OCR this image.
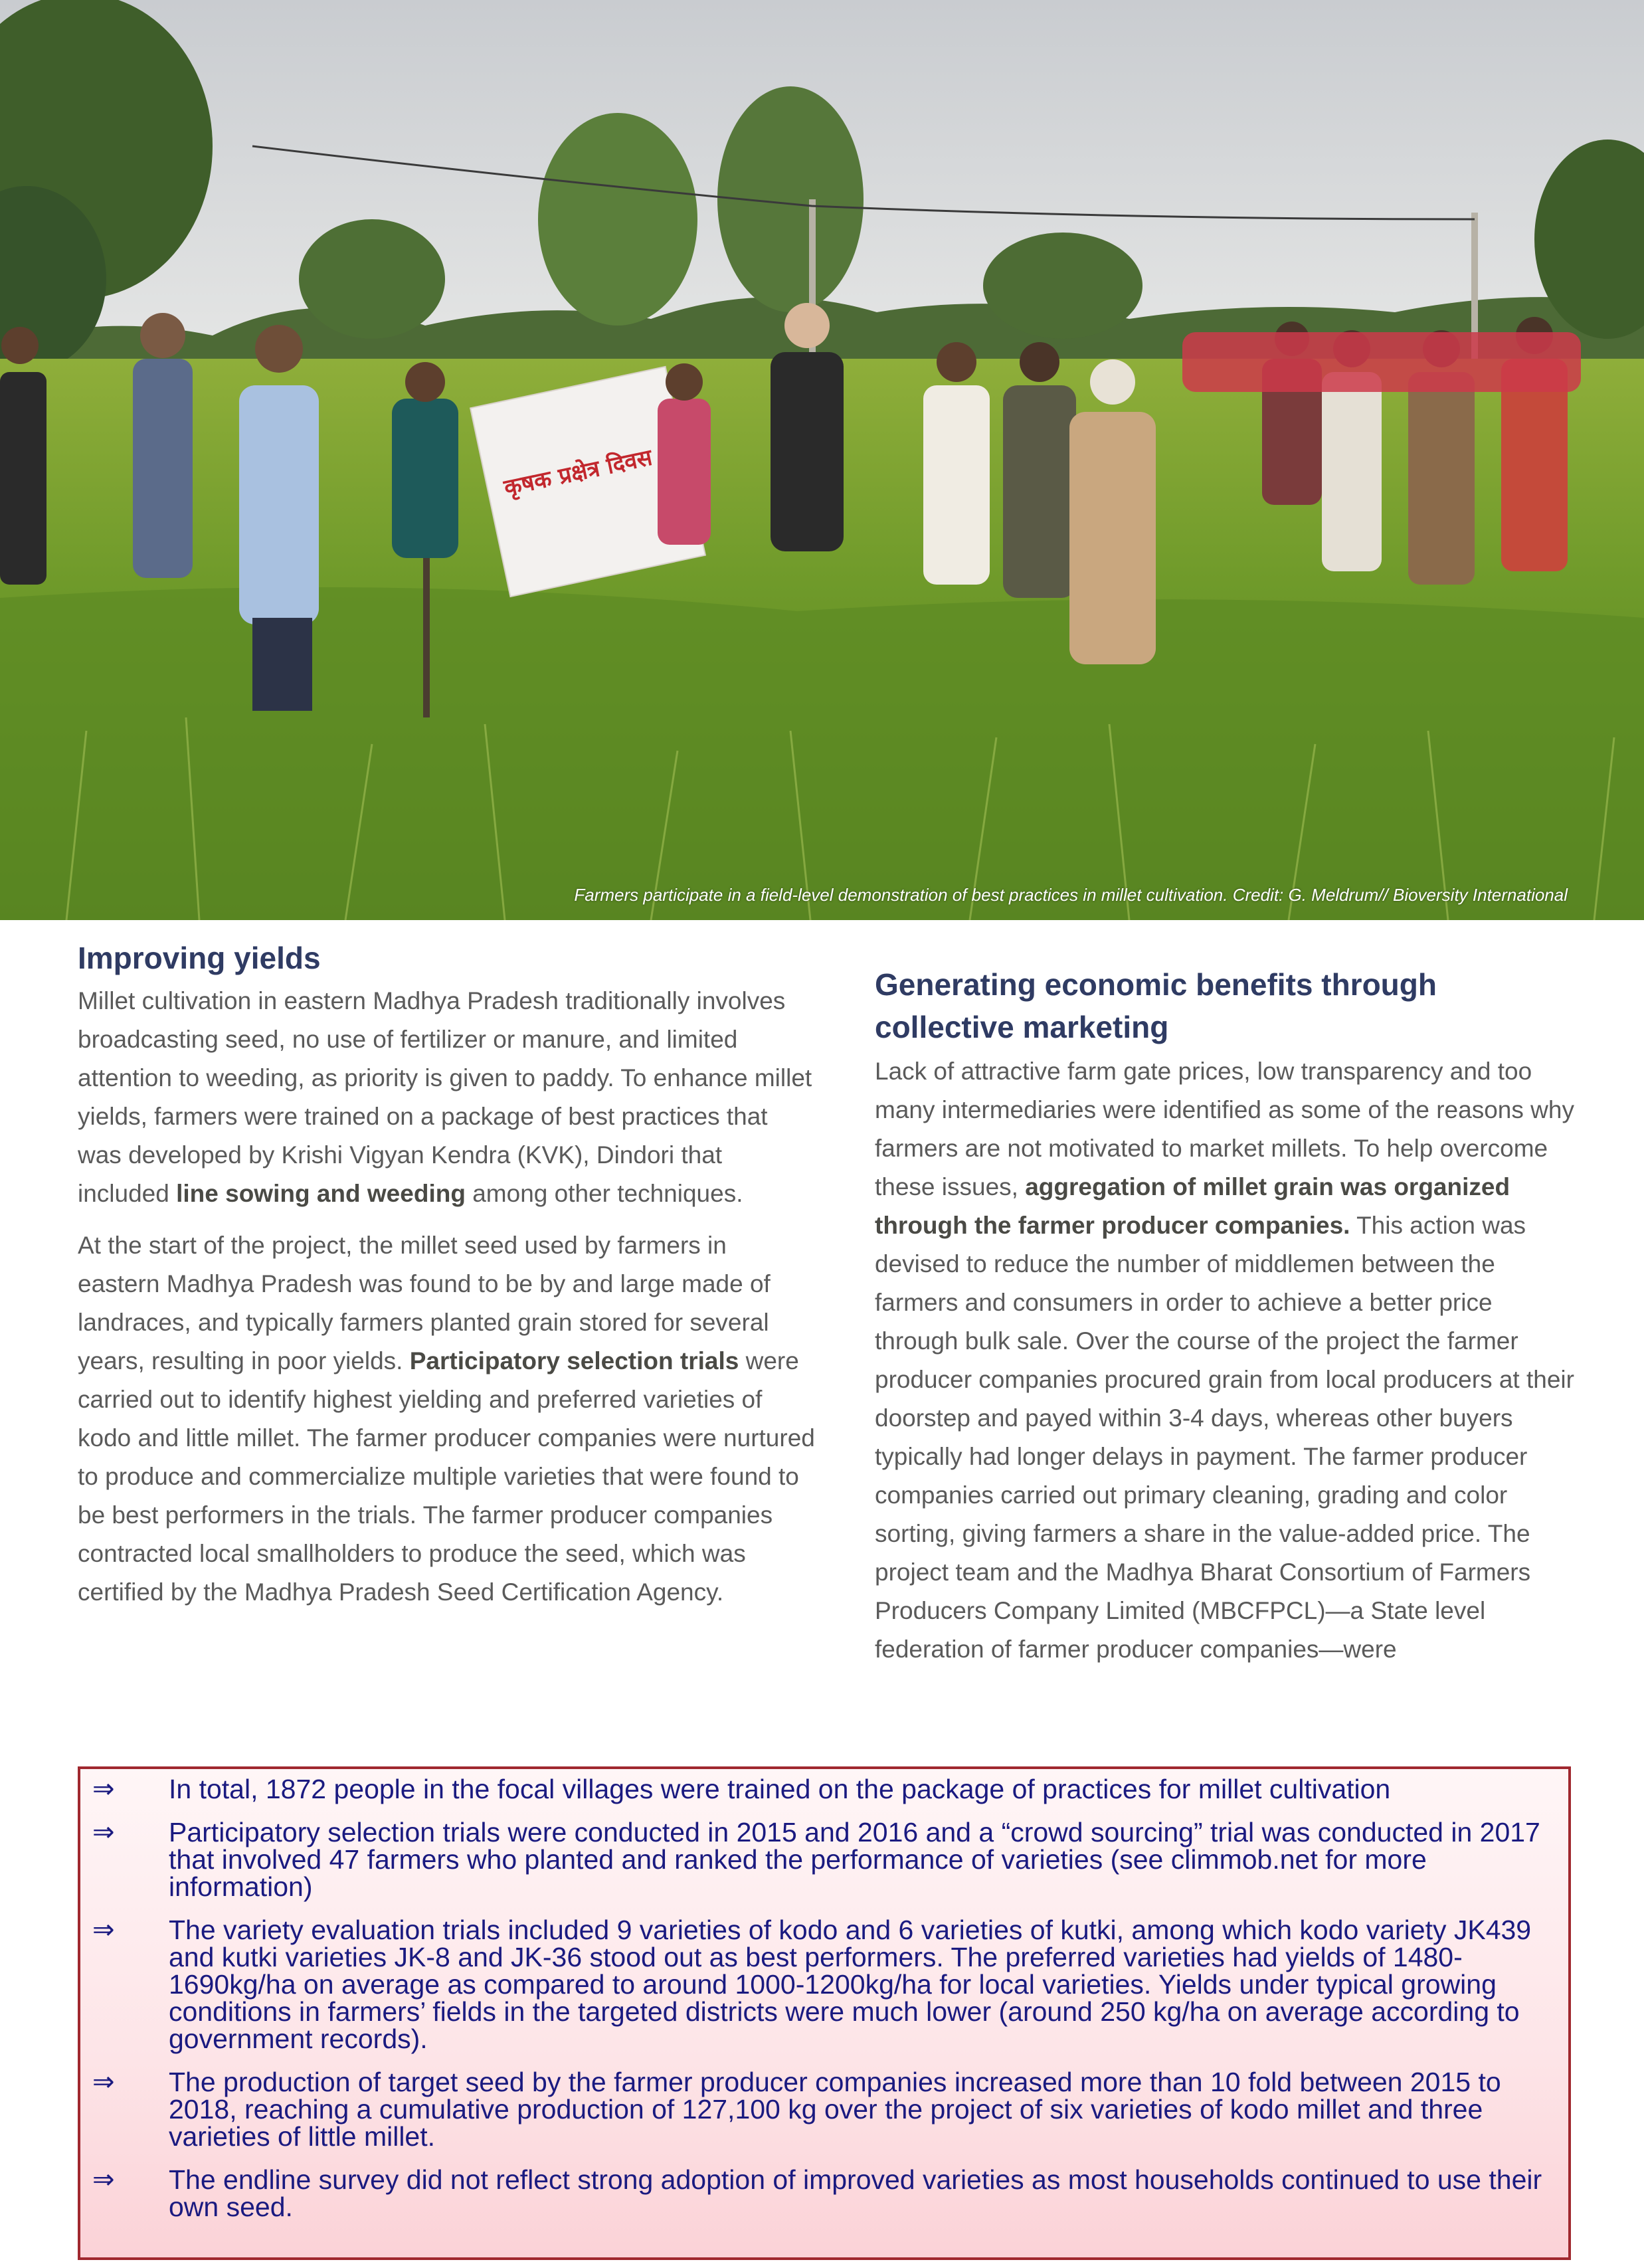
कृषक प्रक्षेत्र दिवस
Farmers participate in a field-level demonstration of best practices in millet cultivation. Credit: G. Meldrum// Bioversity International
Improving yields

Millet cultivation in eastern Madhya Pradesh traditionally involves broadcasting seed, no use of fertilizer or manure, and limited attention to weeding, as priority is given to paddy. To enhance millet yields, farmers were trained on a package of best practices that was developed by Krishi Vigyan Kendra (KVK), Dindori that included line sowing and weeding among other techniques.

At the start of the project, the millet seed used by farmers in eastern Madhya Pradesh was found to be by and large made of landraces, and typically farmers planted grain stored for several years, resulting in poor yields. Participatory selection trials were carried out to identify highest yielding and preferred varieties of kodo and little millet. The farmer producer companies were nurtured to produce and commercialize multiple varieties that were found to be best performers in the trials. The farmer producer companies contracted local smallholders to produce the seed, which was certified by the Madhya Pradesh Seed Certification Agency.

Generating economic benefits through collective marketing

Lack of attractive farm gate prices, low transparency and too many intermediaries were identified as some of the reasons why farmers are not motivated to market millets. To help overcome these issues, aggregation of millet grain was organized through the farmer producer companies. This action was devised to reduce the number of middlemen between the farmers and consumers in order to achieve a better price through bulk sale. Over the course of the project the farmer producer companies procured grain from local producers at their doorstep and payed within 3-4 days, whereas other buyers typically had longer delays in payment. The farmer producer companies carried out primary cleaning, grading and color sorting, giving farmers a share in the value-added price. The project team and the Madhya Bharat Consortium of Farmers Producers Company Limited (MBCFPCL)—a State level federation of farmer producer companies—were

⇒ In total, 1872 people in the focal villages were trained on the package of practices for millet cultivation
⇒ Participatory selection trials were conducted in 2015 and 2016 and a “crowd sourcing” trial was conducted in 2017 that involved 47 farmers who planted and ranked the performance of varieties (see climmob.net for more information)
⇒ The variety evaluation trials included 9 varieties of kodo and 6 varieties of kutki, among which kodo variety JK439 and kutki varieties JK-8 and JK-36 stood out as best performers. The preferred varieties had yields of 1480-1690kg/ha on average as compared to around 1000-1200kg/ha for local varieties. Yields under typical growing conditions in farmers’ fields in the targeted districts were much lower (around 250 kg/ha on average according to government records).
⇒ The production of target seed by the farmer producer companies increased more than 10 fold between 2015 to 2018, reaching a cumulative production of 127,100 kg over the project of six varieties of kodo millet and three varieties of little millet.
⇒ The endline survey did not reflect strong adoption of improved varieties as most households continued to use their own seed.
